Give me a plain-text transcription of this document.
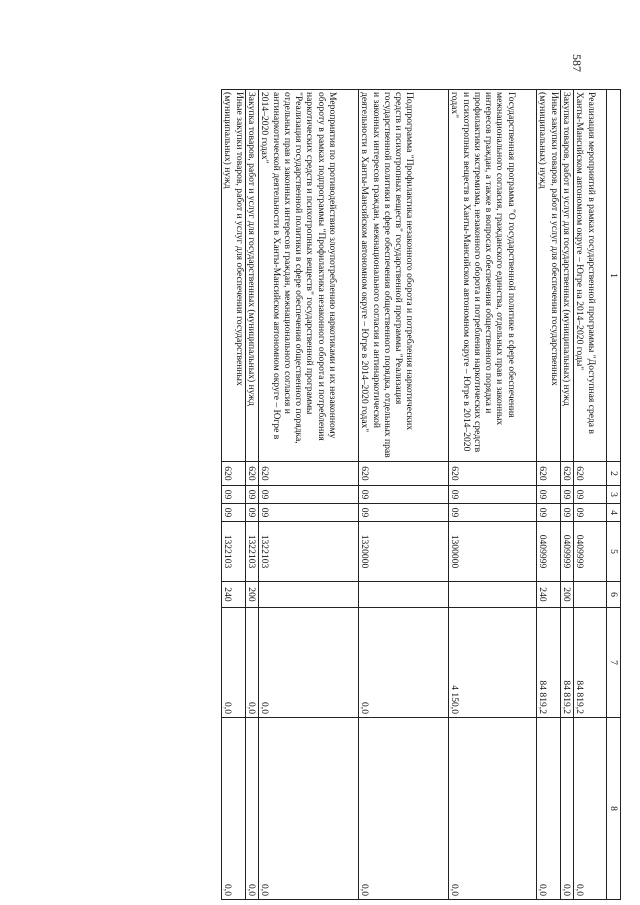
587
1	2	3	4	5	6	7	8
Реализация мероприятий в рамках государственной программы "Доступная среда в Ханты-Мансийском автономном округе – Югре на 2014–2020 годы"	620	09	09	0409999		84 819,2	0,0
Закупка товаров, работ и услуг для государственных (муниципальных) нужд	620	09	09	0409999	200	84 819,2	0,0
Иные закупки товаров, работ и услуг для обеспечения государственных (муниципальных) нужд	620	09	09	0409999	240	84 819,2	0,0
Государственная программа "О государственной политике в сфере обеспечения межнационального согласия, гражданского единства, отдельных прав и законных интересов граждан, а также в вопросах обеспечения общественного порядка и профилактики экстремизма, незаконного оборота и потребления наркотических средств и психотропных веществ в Ханты-Мансийском автономном округе – Югре в 2014–2020 годах"	620	09	09	1300000		4 150,0	0,0
Подпрограмма "Профилактика незаконного оборота и потребления наркотических средств и психотропных веществ" государственной программы "Реализация государственной политики в сфере обеспечения общественного порядка, отдельных прав и законных интересов граждан, межнационального согласия и антинаркотической деятельности в Ханты-Мансийском автономном округе – Югре в 2014–2020 годах"	620	09	09	1320000		0,0	0,0
Мероприятия по противодействию злоупотреблению наркотиками и их незаконному обороту в рамках подпрограммы "Профилактика незаконного оборота и потребления наркотических средств и психотропных веществ" государственной программы "Реализация государственной политики в сфере обеспечения общественного порядка, отдельных прав и законных интересов граждан, межнационального согласия и антинаркотической деятельности в Ханты-Мансийском автономном округе – Югре в 2014–2020 годах"	620	09	09	1322103		0,0	0,0
Закупка товаров, работ и услуг для государственных (муниципальных) нужд	620	09	09	1322103	200	0,0	0,0
Иные закупки товаров, работ и услуг для обеспечения государственных (муниципальных) нужд	620	09	09	1322103	240	0,0	0,0
